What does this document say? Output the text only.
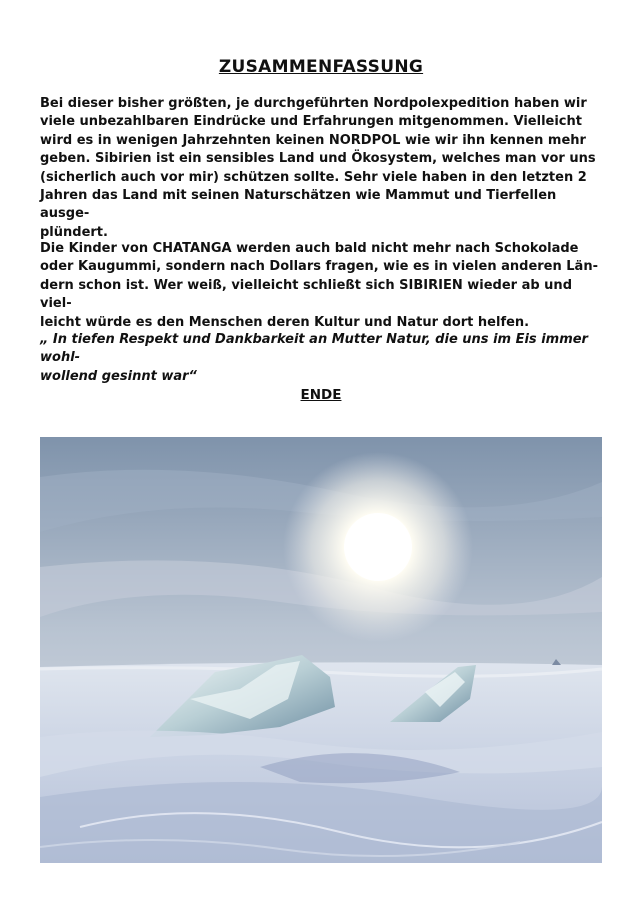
ZUSAMMENFASSUNG

Bei dieser bisher größten, je durchgeführten Nordpolexpedition haben wir
viele unbezahlbaren Eindrücke und Erfahrungen mitgenommen. Vielleicht
wird es in wenigen Jahrzehnten keinen NORDPOL wie wir ihn kennen mehr
geben. Sibirien ist ein sensibles Land und Ökosystem, welches man vor uns
(sicherlich auch vor mir) schützen sollte. Sehr viele haben in den letzten 2
Jahren das Land mit seinen Naturschätzen wie Mammut und Tierfellen ausge-
plündert.

Die Kinder von CHATANGA werden auch bald nicht mehr nach Schokolade
oder Kaugummi, sondern nach Dollars fragen, wie es in vielen anderen Län-
dern schon ist. Wer weiß, vielleicht schließt sich SIBIRIEN wieder ab und viel-
leicht würde es den Menschen deren Kultur und Natur dort helfen.

„ In tiefen Respekt und Dankbarkeit an Mutter Natur, die uns im Eis immer wohl-
wollend gesinnt war“

ENDE
